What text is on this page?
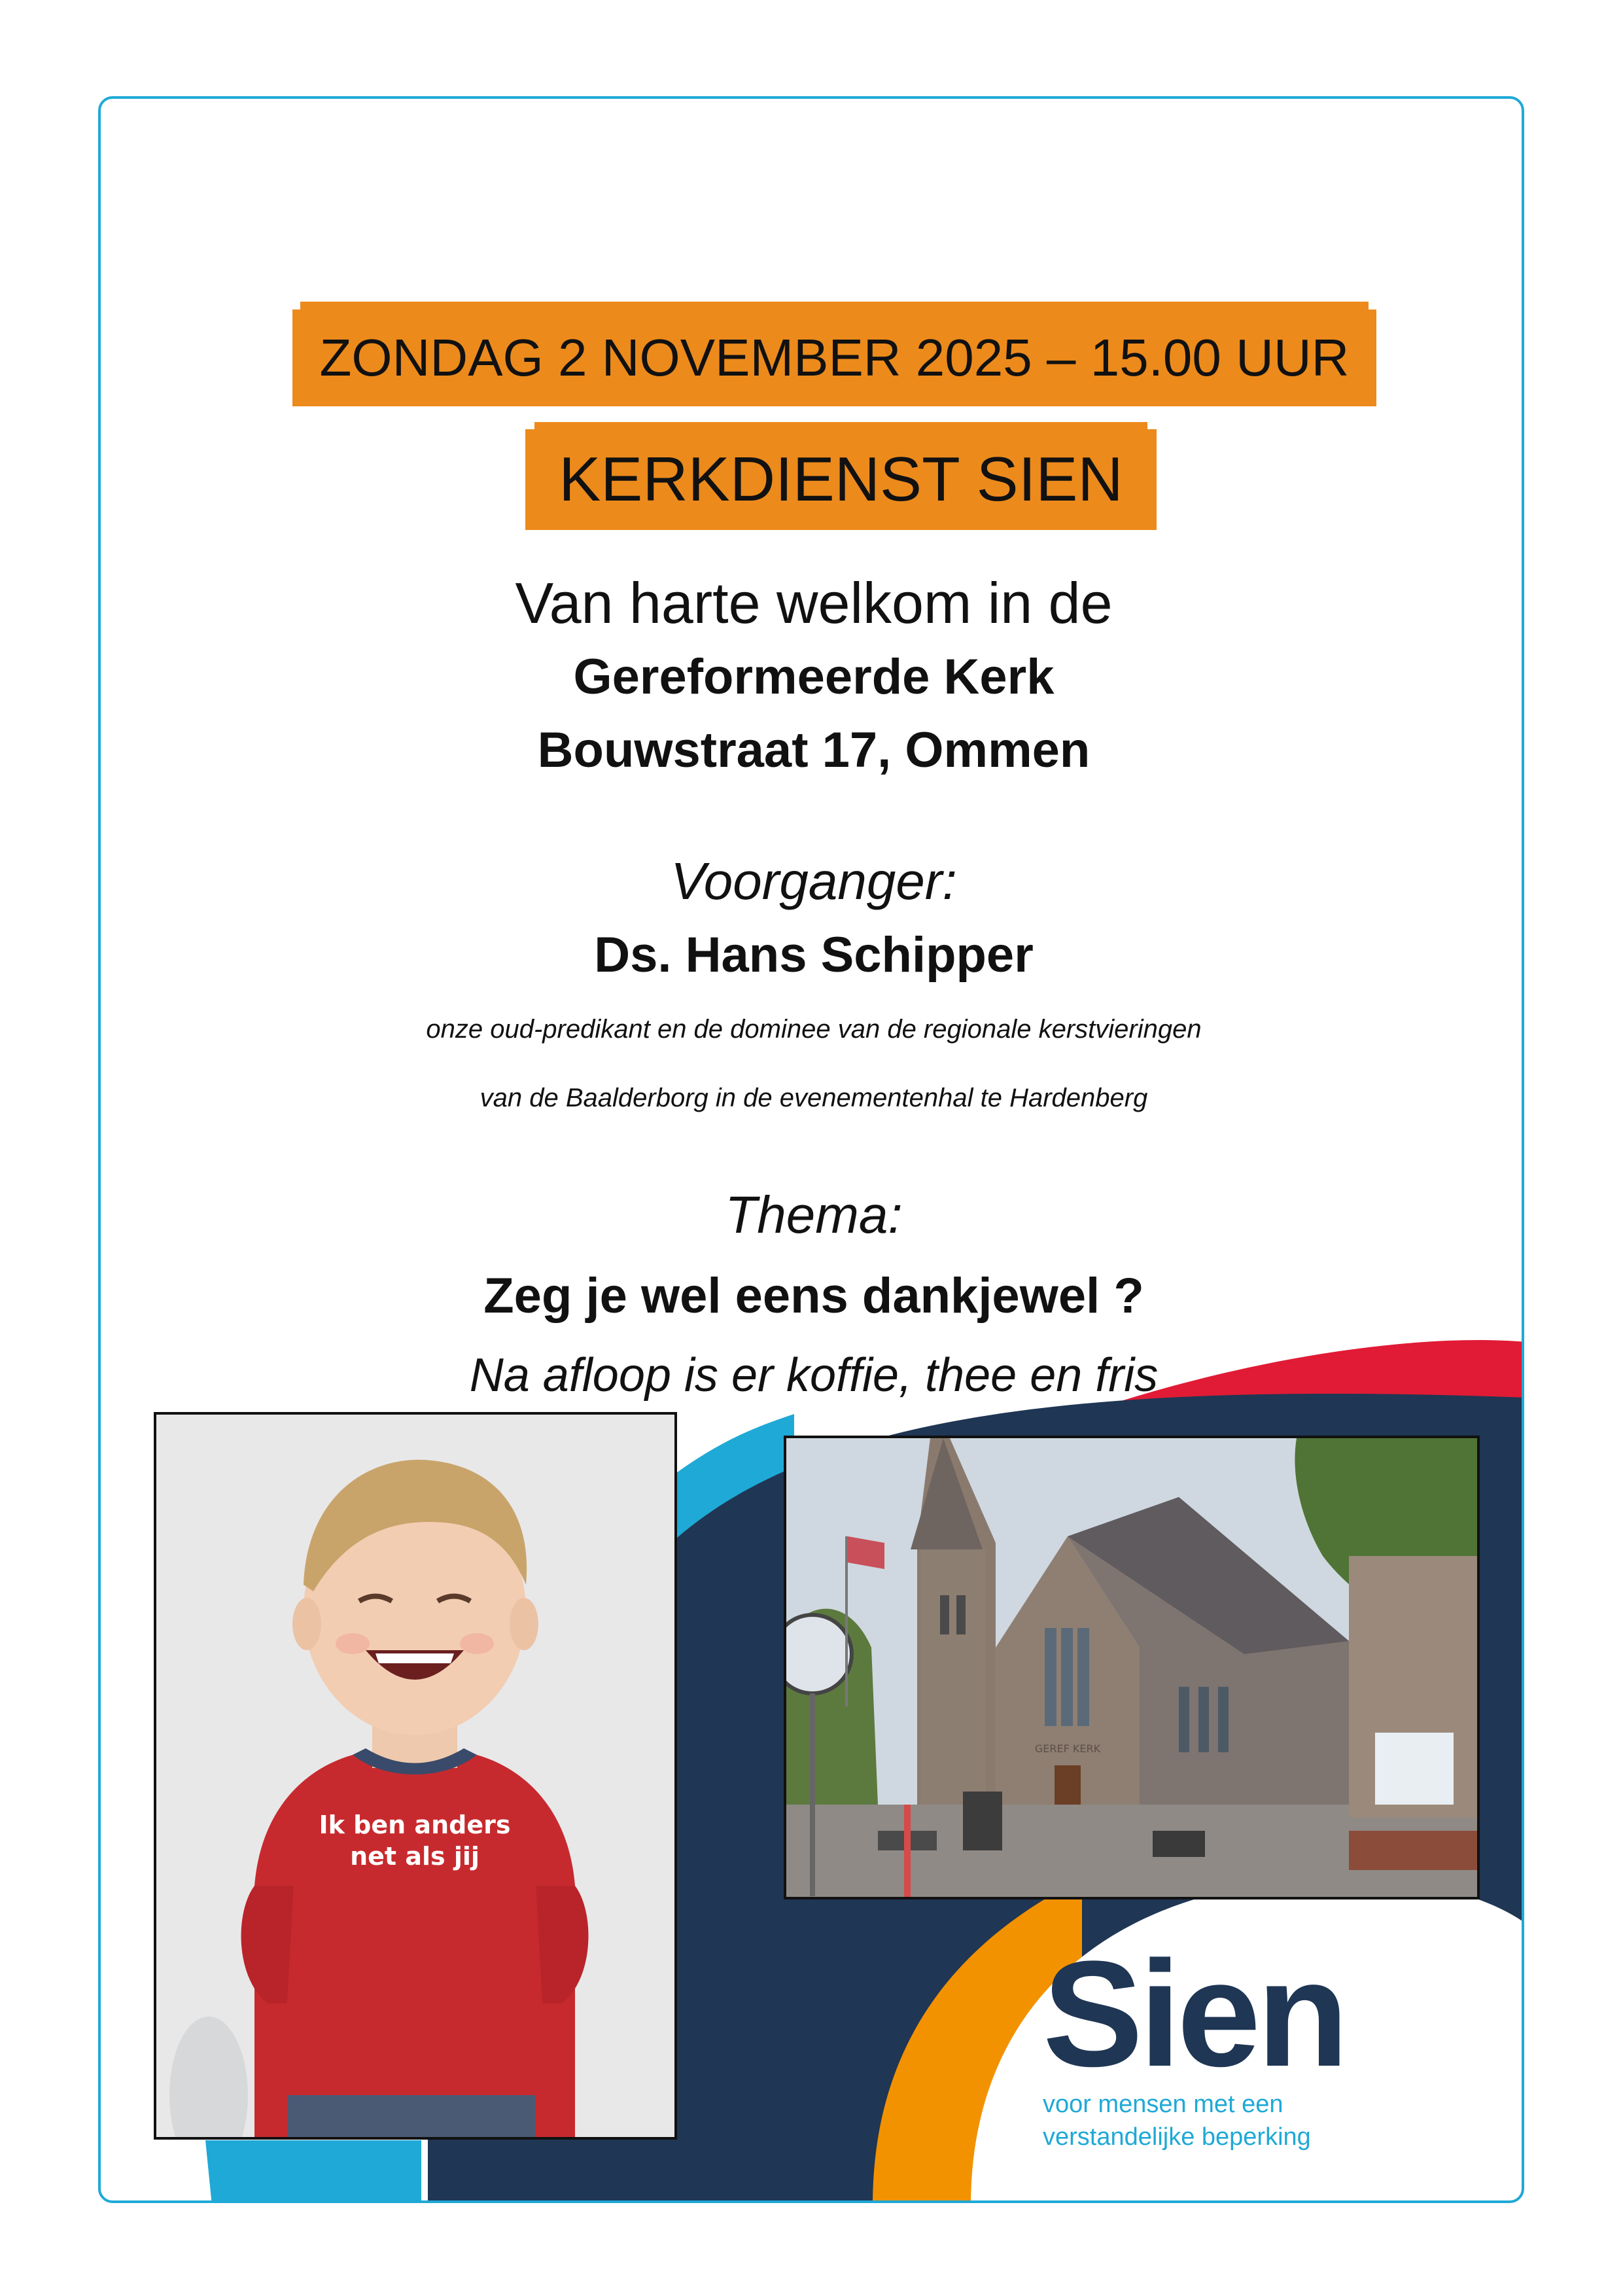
ZONDAG 2 NOVEMBER 2025 – 15.00 UUR
KERKDIENST SIEN
Van harte welkom in de
Gereformeerde Kerk
Bouwstraat 17, Ommen
Voorganger:
Ds. Hans Schipper
onze oud-predikant en de dominee van de regionale kerstvieringen
van de Baalderborg in de evenementenhal te Hardenberg
Thema:
Zeg je wel eens dankjewel ?
Na afloop is er koffie, thee en fris
Ik ben anders
net als jij
GEREF KERK
Sien
voor mensen met een
verstandelijke beperking
